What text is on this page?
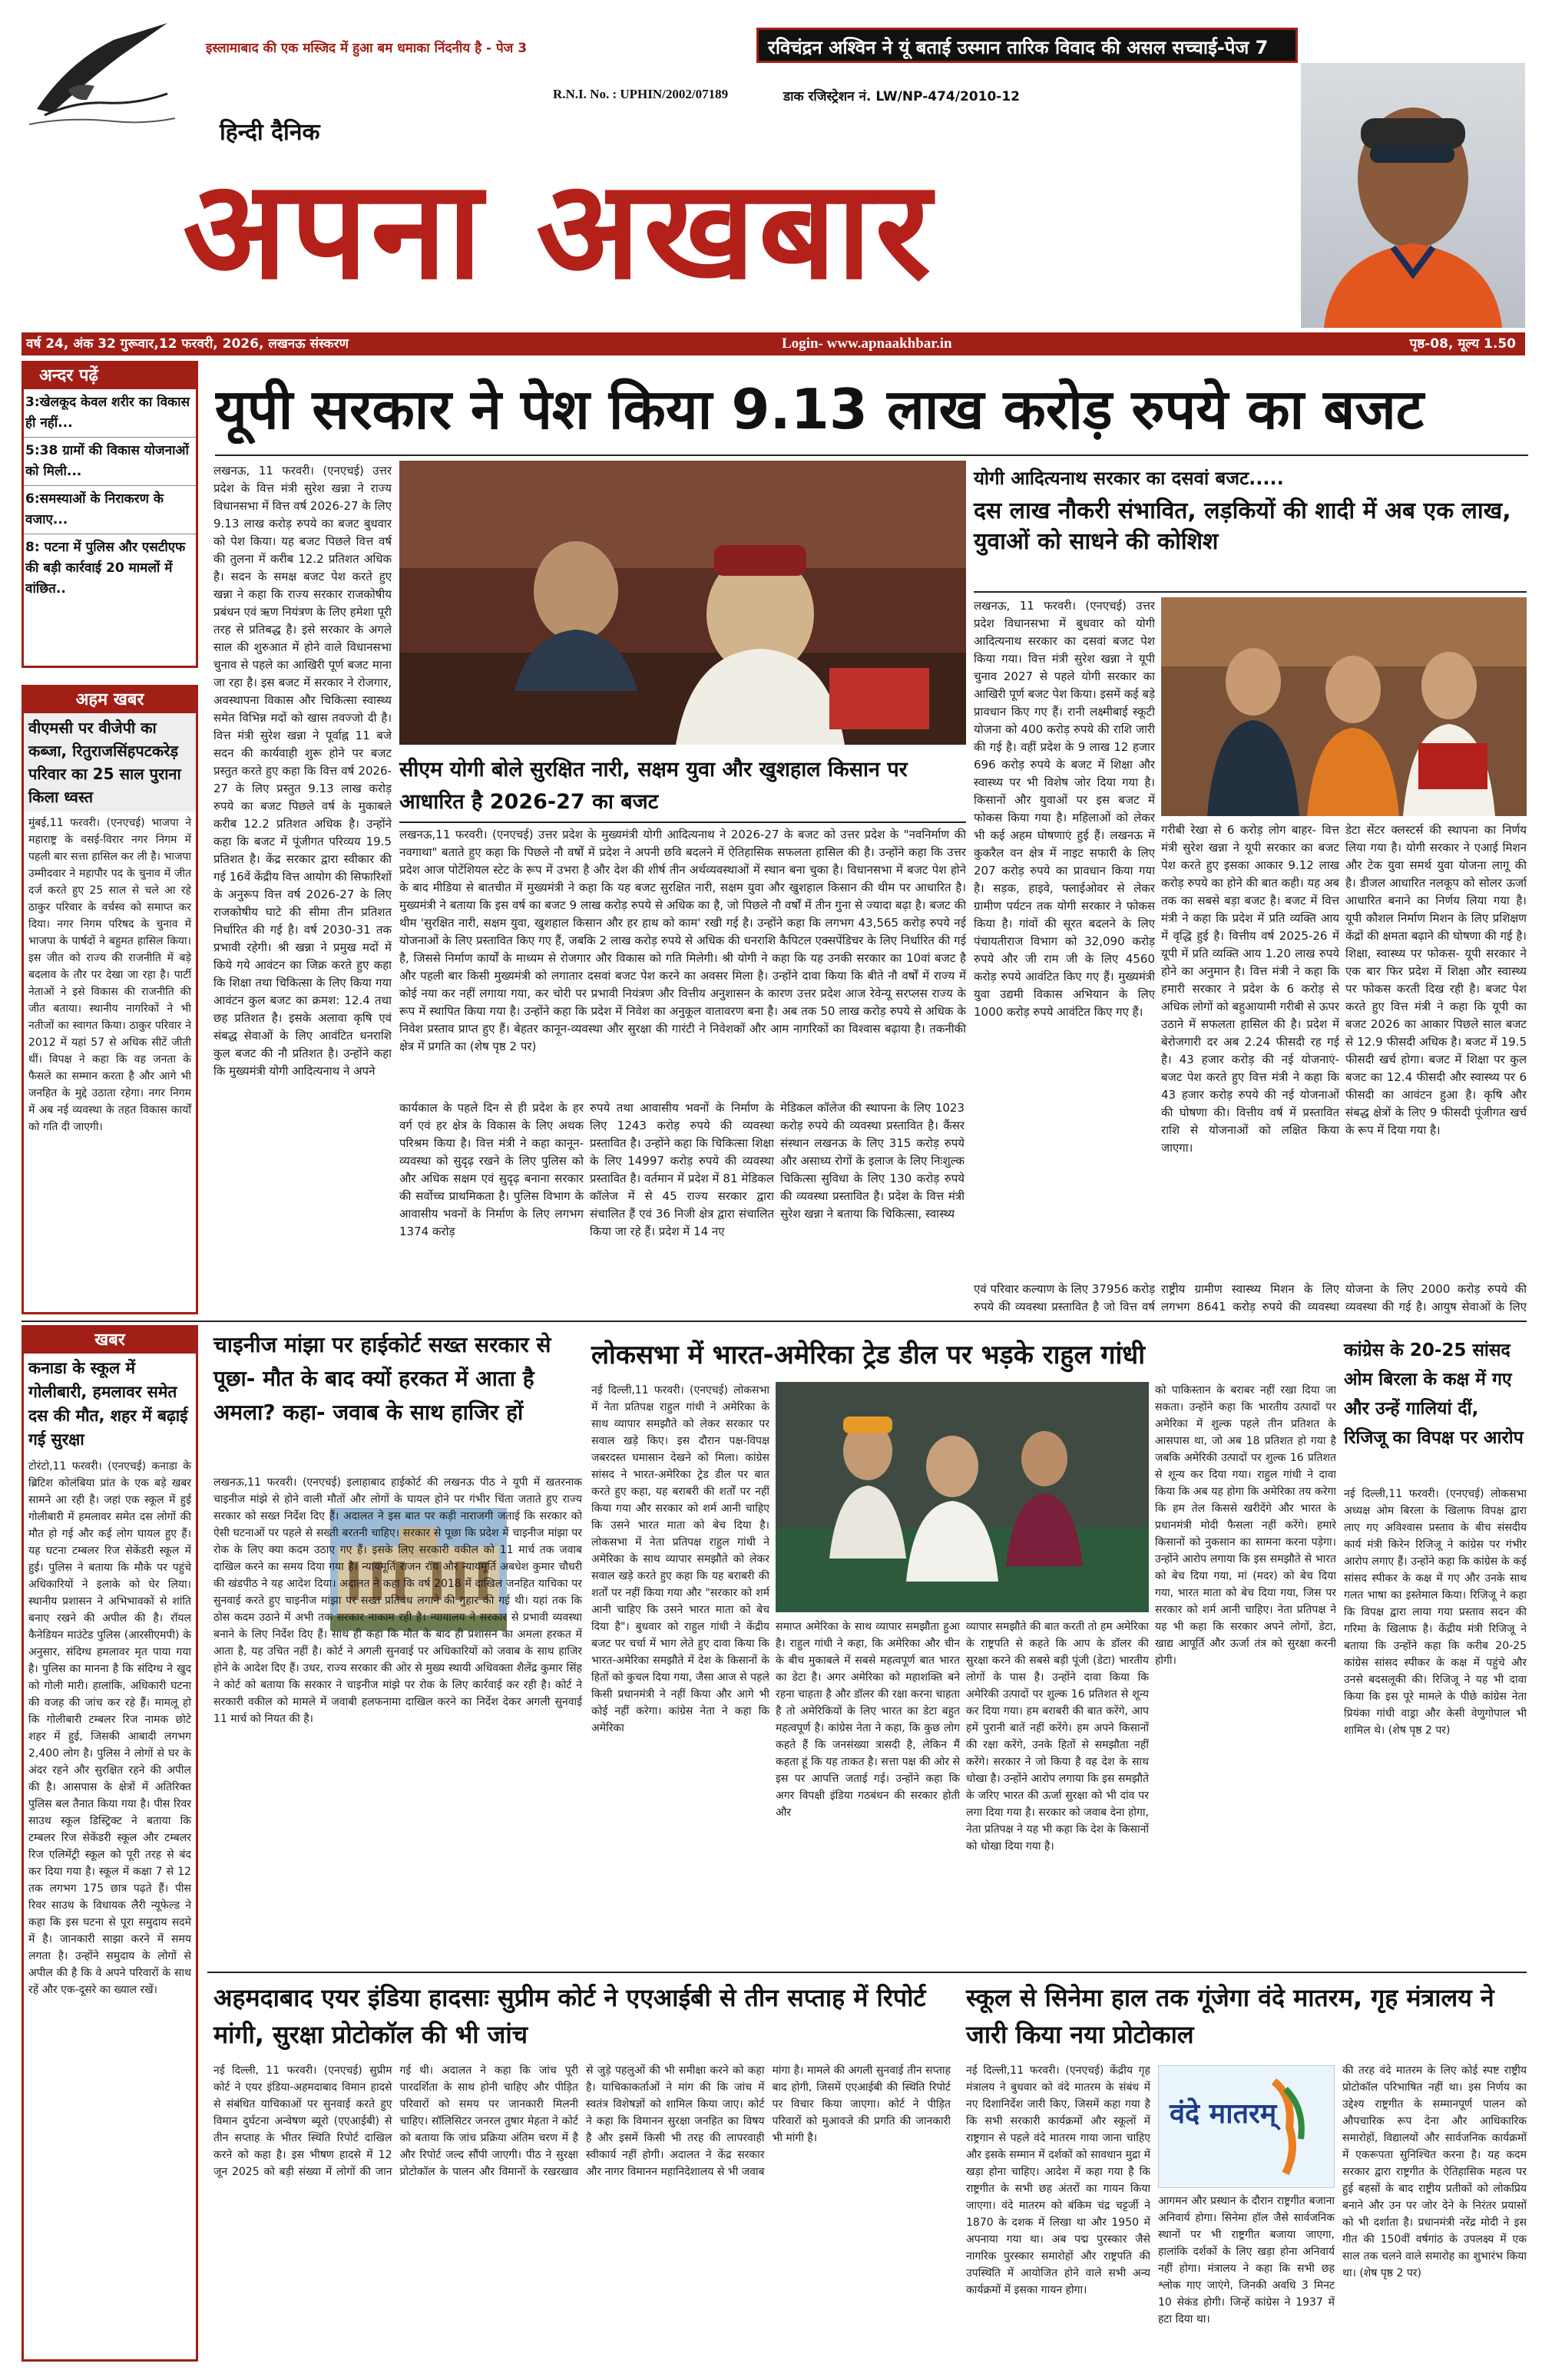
इस्लामाबाद की एक मस्जिद में हुआ बम धमाका निंदनीय है - पेज 3	रविचंद्रन अश्विन ने यूं बताई उस्मान तारिक विवाद की असल सच्चाई-पेज 7
R.N.I. No. : UPHIN/2002/07189	डाक रजिस्ट्रेशन नं. LW/NP-474/2010-12
हिन्दी दैनिक
अपना अखबार
वर्ष 24, अंक 32 गुरूवार,12 फरवरी, 2026, लखनऊ संस्करण	Login- www.apnaakhbar.in	पृष्ठ-08, मूल्य 1.50
अन्दर पढ़ें
3:खेलकूद केवल शरीर का विकास ही नहीं...
5:38 ग्रामों की विकास योजनाओं को मिली...
6:समस्याओं के निराकरण के वजाए...
8: पटना में पुलिस और एसटीएफ की बड़ी कार्रवाई 20 मामलों में वांछित..
अहम खबर
वीएमसी पर वीजेपी का कब्जा, रितुराजसिंहपटकरेड़ परिवार का 25 साल पुराना किला ध्वस्त
मुंबई,11 फरवरी। (एनएचई) भाजपा ने महाराष्ट्र के वसई-विरार नगर निगम में पहली बार सत्ता हासिल कर ली है। भाजपा उम्मीदवार ने महापौर पद के चुनाव में जीत दर्ज करते हुए 25 साल से चले आ रहे ठाकुर परिवार के वर्चस्व को समाप्त कर दिया। नगर निगम परिषद के चुनाव में भाजपा के पार्षदों ने बहुमत हासिल किया। इस जीत को राज्य की राजनीति में बड़े बदलाव के तौर पर देखा जा रहा है। पार्टी नेताओं ने इसे विकास की राजनीति की जीत बताया। स्थानीय नागरिकों ने भी नतीजों का स्वागत किया। ठाकुर परिवार ने 2012 में यहां 57 से अधिक सीटें जीती थीं। विपक्ष ने कहा कि वह जनता के फैसले का सम्मान करता है और आगे भी जनहित के मुद्दे उठाता रहेगा। नगर निगम में अब नई व्यवस्था के तहत विकास कार्यों को गति दी जाएगी।
यूपी सरकार ने पेश किया 9.13 लाख करोड़ रुपये का बजट
लखनऊ, 11 फरवरी। (एनएचई) उत्तर प्रदेश के वित्त मंत्री सुरेश खन्ना ने राज्य विधानसभा में वित्त वर्ष 2026-27 के लिए 9.13 लाख करोड़ रुपये का बजट बुधवार को पेश किया। यह बजट पिछले वित्त वर्ष की तुलना में करीब 12.2 प्रतिशत अधिक है। सदन के समक्ष बजट पेश करते हुए खन्ना ने कहा कि राज्य सरकार राजकोषीय प्रबंधन एवं ऋण नियंत्रण के लिए हमेशा पूरी तरह से प्रतिबद्ध है। इसे सरकार के अगले साल की शुरुआत में होने वाले विधानसभा चुनाव से पहले का आखिरी पूर्ण बजट माना जा रहा है। इस बजट में सरकार ने रोजगार, अवस्थापना विकास और चिकित्सा स्वास्थ्य समेत विभिन्न मदों को खास तवज्जो दी है। वित्त मंत्री सुरेश खन्ना ने पूर्वाह्न 11 बजे सदन की कार्यवाही शुरू होने पर बजट प्रस्तुत करते हुए कहा कि वित्त वर्ष 2026-27 के लिए प्रस्तुत 9.13 लाख करोड़ रुपये का बजट पिछले वर्ष के मुकाबले करीब 12.2 प्रतिशत अधिक है। उन्होंने कहा कि बजट में पूंजीगत परिव्यय 19.5 प्रतिशत है। केंद्र सरकार द्वारा स्वीकार की गई 16वें केंद्रीय वित्त आयोग की सिफारिशों के अनुरूप वित्त वर्ष 2026-27 के लिए राजकोषीय घाटे की सीमा तीन प्रतिशत निर्धारित की गई है। वर्ष 2030-31 तक प्रभावी रहेगी। श्री खन्ना ने प्रमुख मदों में किये गये आवंटन का जिक्र करते हुए कहा कि शिक्षा तथा चिकित्सा के लिए किया गया आवंटन कुल बजट का क्रमश: 12.4 तथा छह प्रतिशत है। इसके अलावा कृषि एवं संबद्ध सेवाओं के लिए आवंटित धनराशि कुल बजट की नौ प्रतिशत है। उन्होंने कहा कि मुख्यमंत्री योगी आदित्यनाथ ने अपने
सीएम योगी बोले सुरक्षित नारी, सक्षम युवा और खुशहाल किसान पर आधारित है 2026-27 का बजट
लखनऊ,11 फरवरी। (एनएचई) उत्तर प्रदेश के मुख्यमंत्री योगी आदित्यनाथ ने 2026-27 के बजट को उत्तर प्रदेश के "नवनिर्माण की नवगाथा" बताते हुए कहा कि पिछले नौ वर्षों में प्रदेश ने अपनी छवि बदलने में ऐतिहासिक सफलता हासिल की है। उन्होंने कहा कि उत्तर प्रदेश आज पोटेंशियल स्टेट के रूप में उभरा है और देश की शीर्ष तीन अर्थव्यवस्थाओं में स्थान बना चुका है। विधानसभा में बजट पेश होने के बाद मीडिया से बातचीत में मुख्यमंत्री ने कहा कि यह बजट सुरक्षित नारी, सक्षम युवा और खुशहाल किसान की थीम पर आधारित है। मुख्यमंत्री ने बताया कि इस वर्ष का बजट 9 लाख करोड़ रुपये से अधिक का है, जो पिछले नौ वर्षों में तीन गुना से ज्यादा बढ़ा है। बजट की थीम 'सुरक्षित नारी, सक्षम युवा, खुशहाल किसान और हर हाथ को काम' रखी गई है। उन्होंने कहा कि लगभग 43,565 करोड़ रुपये नई योजनाओं के लिए प्रस्तावित किए गए हैं, जबकि 2 लाख करोड़ रुपये से अधिक की धनराशि कैपिटल एक्सपेंडिचर के लिए निर्धारित की गई है, जिससे निर्माण कार्यों के माध्यम से रोजगार और विकास को गति मिलेगी। श्री योगी ने कहा कि यह उनकी सरकार का 10वां बजट है और पहली बार किसी मुख्यमंत्री को लगातार दसवां बजट पेश करने का अवसर मिला है। उन्होंने दावा किया कि बीते नौ वर्षों में राज्य में कोई नया कर नहीं लगाया गया, कर चोरी पर प्रभावी नियंत्रण और वित्तीय अनुशासन के कारण उत्तर प्रदेश आज रेवेन्यू सरप्लस राज्य के रूप में स्थापित किया गया है। उन्होंने कहा कि प्रदेश में निवेश का अनुकूल वातावरण बना है। अब तक 50 लाख करोड़ रुपये से अधिक के निवेश प्रस्ताव प्राप्त हुए हैं। बेहतर कानून-व्यवस्था और सुरक्षा की गारंटी ने निवेशकों और आम नागरिकों का विश्वास बढ़ाया है। तकनीकी क्षेत्र में प्रगति का (शेष पृष्ठ 2 पर)
कार्यकाल के पहले दिन से ही प्रदेश के हर वर्ग एवं हर क्षेत्र के विकास के लिए अथक परिश्रम किया है। वित्त मंत्री ने कहा कानून-व्यवस्था को सुदृढ़ रखने के लिए पुलिस को और अधिक सक्षम एवं सुदृढ़ बनाना सरकार की सर्वोच्च प्राथमिकता है। पुलिस विभाग के आवासीय भवनों के निर्माण के लिए लगभग 1374 करोड़
रुपये तथा आवासीय भवनों के निर्माण के लिए 1243 करोड़ रुपये की व्यवस्था प्रस्तावित है। उन्होंने कहा कि चिकित्सा शिक्षा के लिए 14997 करोड़ रुपये की व्यवस्था प्रस्तावित है। वर्तमान में प्रदेश में 81 मेडिकल कॉलेज में से 45 राज्य सरकार द्वारा संचालित हैं एवं 36 निजी क्षेत्र द्वारा संचालित किया जा रहे हैं। प्रदेश में 14 नए
मेडिकल कॉलेज की स्थापना के लिए 1023 करोड़ रुपये की व्यवस्था प्रस्तावित है। कैंसर संस्थान लखनऊ के लिए 315 करोड़ रुपये और असाध्य रोगों के इलाज के लिए निःशुल्क चिकित्सा सुविधा के लिए 130 करोड़ रुपये की व्यवस्था प्रस्तावित है। प्रदेश के वित्त मंत्री सुरेश खन्ना ने बताया कि चिकित्सा, स्वास्थ्य
योगी आदित्यनाथ सरकार का दसवां बजट.....
दस लाख नौकरी संभावित, लड़कियों की शादी में अब एक लाख, युवाओं को साधने की कोशिश
लखनऊ, 11 फरवरी। (एनएचई) उत्तर प्रदेश विधानसभा में बुधवार को योगी आदित्यनाथ सरकार का दसवां बजट पेश किया गया। वित्त मंत्री सुरेश खन्ना ने यूपी चुनाव 2027 से पहले योगी सरकार का आखिरी पूर्ण बजट पेश किया। इसमें कई बड़े प्रावधान किए गए हैं। रानी लक्ष्मीबाई स्कूटी योजना को 400 करोड़ रुपये की राशि जारी की गई है। वहीं प्रदेश के 9 लाख 12 हजार 696 करोड़ रुपये के बजट में शिक्षा और स्वास्थ्य पर भी विशेष जोर दिया गया है। किसानों और युवाओं पर इस बजट में फोकस किया गया है। महिलाओं को लेकर भी कई अहम घोषणाएं हुई हैं। लखनऊ में कुकरैल वन क्षेत्र में नाइट सफारी के लिए 207 करोड़ रुपये का प्रावधान किया गया है। सड़क, हाइवे, फ्लाईओवर से लेकर ग्रामीण पर्यटन तक योगी सरकार ने फोकस किया है। गांवों की सूरत बदलने के लिए पंचायतीराज विभाग को 32,090 करोड़ रुपये और जी राम जी के लिए 4560 करोड़ रुपये आवंटित किए गए हैं। मुख्यमंत्री युवा उद्यमी विकास अभियान के लिए 1000 करोड़ रुपये आवंटित किए गए हैं।
गरीबी रेखा से 6 करोड़ लोग बाहर- वित्त मंत्री सुरेश खन्ना ने यूपी सरकार का बजट पेश करते हुए इसका आकार 9.12 लाख करोड़ रुपये का होने की बात कही। यह अब तक का सबसे बड़ा बजट है। बजट में वित्त मंत्री ने कहा कि प्रदेश में प्रति व्यक्ति आय में वृद्धि हुई है। वित्तीय वर्ष 2025-26 में यूपी में प्रति व्यक्ति आय 1.20 लाख रुपये होने का अनुमान है। वित्त मंत्री ने कहा कि हमारी सरकार ने प्रदेश के 6 करोड़ से अधिक लोगों को बहुआयामी गरीबी से ऊपर उठाने में सफलता हासिल की है। प्रदेश में बेरोजगारी दर अब 2.24 फीसदी रह गई है। 43 हजार करोड़ की नई योजनाएं- बजट पेश करते हुए वित्त मंत्री ने कहा कि 43 हजार करोड़ रुपये की नई योजनाओं की घोषणा की। वित्तीय वर्ष में प्रस्तावित राशि से योजनाओं को लक्षित किया जाएगा।
डेटा सेंटर क्लस्टर्स की स्थापना का निर्णय लिया गया है। योगी सरकार ने एआई मिशन और टेक युवा समर्थ युवा योजना लागू की है। डीजल आधारित नलकूप को सोलर ऊर्जा आधारित बनाने का निर्णय लिया गया है। यूपी कौशल निर्माण मिशन के लिए प्रशिक्षण केंद्रों की क्षमता बढ़ाने की घोषणा की गई है। शिक्षा, स्वास्थ्य पर फोकस- यूपी सरकार ने एक बार फिर प्रदेश में शिक्षा और स्वास्थ्य पर फोकस करती दिख रही है। बजट पेश करते हुए वित्त मंत्री ने कहा कि यूपी का बजट 2026 का आकार पिछले साल बजट से 12.9 फीसदी अधिक है। बजट में 19.5 फीसदी खर्च होगा। बजट में शिक्षा पर कुल बजट का 12.4 फीसदी और स्वास्थ्य पर 6 फीसदी का आवंटन हुआ है। कृषि और संबद्ध क्षेत्रों के लिए 9 फीसदी पूंजीगत खर्च के रूप में दिया गया है।
एवं परिवार कल्याण के लिए 37956 करोड़ रुपये की व्यवस्था प्रस्तावित है जो वित्त वर्ष
राष्ट्रीय ग्रामीण स्वास्थ्य मिशन के लिए लगभग 8641 करोड़ रुपये की व्यवस्था
योजना के लिए 2000 करोड़ रुपये की व्यवस्था की गई है। आयुष सेवाओं के लिए
खबर
कनाडा के स्कूल में गोलीबारी, हमलावर समेत दस की मौत, शहर में बढ़ाई गई सुरक्षा
टोरंटो,11 फरवरी। (एनएचई) कनाडा के ब्रिटिश कोलंबिया प्रांत के एक बड़े खबर सामने आ रही है। जहां एक स्कूल में हुई गोलीबारी में हमलावर समेत दस लोगों की मौत हो गई और कई लोग घायल हुए हैं। यह घटना टम्बलर रिज सेकेंडरी स्कूल में हुई। पुलिस ने बताया कि मौके पर पहुंचे अधिकारियों ने इलाके को घेर लिया। स्थानीय प्रशासन ने अभिभावकों से शांति बनाए रखने की अपील की है। रॉयल कैनेडियन माउंटेड पुलिस (आरसीएमपी) के अनुसार, संदिग्ध हमलावर मृत पाया गया है। पुलिस का मानना है कि संदिग्ध ने खुद को गोली मारी। हालांकि, अधिकारी घटना की वजह की जांच कर रहे हैं। मामलू हो कि गोलीबारी टम्बलर रिज नामक छोटे शहर में हुई, जिसकी आबादी लगभग 2,400 लोग है। पुलिस ने लोगों से घर के अंदर रहने और सुरक्षित रहने की अपील की है। आसपास के क्षेत्रों में अतिरिक्त पुलिस बल तैनात किया गया है। पीस रिवर साउथ स्कूल डिस्ट्रिक्ट ने बताया कि टम्बलर रिज सेकेंडरी स्कूल और टम्बलर रिज एलिमेंट्री स्कूल को पूरी तरह से बंद कर दिया गया है। स्कूल में कक्षा 7 से 12 तक लगभग 175 छात्र पढ़ते हैं। पीस रिवर साउथ के विधायक लैरी न्यूफेल्ड ने कहा कि इस घटना से पूरा समुदाय सदमे में है। जानकारी साझा करने में समय लगता है। उन्होंने समुदाय के लोगों से अपील की है कि वे अपने परिवारों के साथ रहें और एक-दूसरे का ख्याल रखें।
चाइनीज मांझा पर हाईकोर्ट सख्त सरकार से पूछा- मौत के बाद क्यों हरकत में आता है अमला? कहा- जवाब के साथ हाजिर हों
लखनऊ,11 फरवरी। (एनएचई) इलाहाबाद हाईकोर्ट की लखनऊ पीठ ने यूपी में खतरनाक चाइनीज मांझे से होने वाली मौतों और लोगों के घायल होने पर गंभीर चिंता जताते हुए राज्य सरकार को सख्त निर्देश दिए हैं। अदालत ने इस बात पर कड़ी नाराजगी जताई कि सरकार को ऐसी घटनाओं पर पहले से सख्ती बरतनी चाहिए। सरकार से पूछा कि प्रदेश में चाइनीज मांझा पर रोक के लिए क्या कदम उठाए गए हैं। इसके लिए सरकारी वकील को 11 मार्च तक जवाब दाखिल करने का समय दिया गया है। न्यायमूर्ति राजन रॉय और न्यायमूर्ति अबधेश कुमार चौधरी की खंडपीठ ने यह आदेश दिया। अदालत ने कहा कि वर्ष 2018 में दाखिल जनहित याचिका पर सुनवाई करते हुए चाइनीज मांझा पर सख्त प्रतिबंध लगाने की गुहार की गई थी। यहां तक कि ठोस कदम उठाने में अभी तक सरकार नाकाम रही है। न्यायालय ने सरकार से प्रभावी व्यवस्था बनाने के लिए निर्देश दिए हैं। साथ ही कहा कि मौत के बाद ही प्रशासन का अमला हरकत में आता है, यह उचित नहीं है। कोर्ट ने अगली सुनवाई पर अधिकारियों को जवाब के साथ हाजिर होने के आदेश दिए हैं। उधर, राज्य सरकार की ओर से मुख्य स्थायी अधिवक्ता शैलेंद्र कुमार सिंह ने कोर्ट को बताया कि सरकार ने चाइनीज मांझे पर रोक के लिए कार्रवाई कर रही है। कोर्ट ने सरकारी वकील को मामले में जवाबी हलफनामा दाखिल करने का निर्देश देकर अगली सुनवाई 11 मार्च को नियत की है।
लोकसभा में भारत-अमेरिका ट्रेड डील पर भड़के राहुल गांधी
नई दिल्ली,11 फरवरी। (एनएचई) लोकसभा में नेता प्रतिपक्ष राहुल गांधी ने अमेरिका के साथ व्यापार समझौते को लेकर सरकार पर सवाल खड़े किए। इस दौरान पक्ष-विपक्ष जबरदस्त घमासान देखने को मिला। कांग्रेस सांसद ने भारत-अमेरिका ट्रेड डील पर बात करते हुए कहा, यह बराबरी की शर्तों पर नहीं किया गया और सरकार को शर्म आनी चाहिए कि उसने भारत माता को बेच दिया है। लोकसभा में नेता प्रतिपक्ष राहुल गांधी ने अमेरिका के साथ व्यापार समझौते को लेकर सवाल खड़े करते हुए कहा कि यह बराबरी की शर्तों पर नहीं किया गया और "सरकार को शर्म आनी चाहिए कि उसने भारत माता को बेच दिया है"। बुधवार को राहुल गांधी ने केंद्रीय बजट पर चर्चा में भाग लेते हुए दावा किया कि भारत-अमेरिका समझौते में देश के किसानों के हितों को कुचल दिया गया, जैसा आज से पहले किसी प्रधानमंत्री ने नहीं किया और आगे भी कोई नहीं करेगा। कांग्रेस नेता ने कहा कि अमेरिका
समाप्त अमेरिका के साथ व्यापार समझौता हुआ है। राहुल गांधी ने कहा, कि अमेरिका और चीन के बीच मुकाबले में सबसे महत्वपूर्ण बात भारत का डेटा है। अगर अमेरिका को महाशक्ति बने रहना चाहता है और डॉलर की रक्षा करना चाहता है तो अमेरिकियों के लिए भारत का डेटा बहुत महत्वपूर्ण है। कांग्रेस नेता ने कहा, कि कुछ लोग कहते हैं कि जनसंख्या त्रासदी है, लेकिन मैं कहता हूं कि यह ताकत है। सत्ता पक्ष की ओर से इस पर आपत्ति जताई गई। उन्होंने कहा कि अगर विपक्षी इंडिया गठबंधन की सरकार होती और
व्यापार समझौते की बात करती तो हम अमेरिका के राष्ट्रपति से कहते कि आप के डॉलर की सुरक्षा करने की सबसे बड़ी पूंजी (डेटा) भारतीय लोगों के पास है। उन्होंने दावा किया कि अमेरिकी उत्पादों पर शुल्क 16 प्रतिशत से शून्य कर दिया गया। हम बराबरी की बात करेंगे, आप हमें पुरानी बातें नहीं करेंगे। हम अपने किसानों की रक्षा करेंगे, उनके हितों से समझौता नहीं करेंगे। सरकार ने जो किया है वह देश के साथ धोखा है। उन्होंने आरोप लगाया कि इस समझौते के जरिए भारत की ऊर्जा सुरक्षा को भी दांव पर लगा दिया गया है। सरकार को जवाब देना होगा, नेता प्रतिपक्ष ने यह भी कहा कि देश के किसानों को धोखा दिया गया है।
को पाकिस्तान के बराबर नहीं रखा दिया जा सकता। उन्होंने कहा कि भारतीय उत्पादों पर अमेरिका में शुल्क पहले तीन प्रतिशत के आसपास था, जो अब 18 प्रतिशत हो गया है जबकि अमेरिकी उत्पादों पर शुल्क 16 प्रतिशत से शून्य कर दिया गया। राहुल गांधी ने दावा किया कि अब यह होगा कि अमेरिका तय करेगा कि हम तेल किससे खरीदेंगे और भारत के प्रधानमंत्री मोदी फैसला नहीं करेंगे। हमारे किसानों को नुकसान का सामना करना पड़ेगा। उन्होंने आरोप लगाया कि इस समझौते से भारत को बेच दिया गया, मां (मदर) को बेच दिया गया, भारत माता को बेच दिया गया, जिस पर सरकार को शर्म आनी चाहिए। नेता प्रतिपक्ष ने यह भी कहा कि सरकार अपने लोगों, डेटा, खाद्य आपूर्ति और ऊर्जा तंत्र को सुरक्षा करनी होगी।
कांग्रेस के 20-25 सांसद ओम बिरला के कक्ष में गए और उन्हें गालियां दीं, रिजिजू का विपक्ष पर आरोप
नई दिल्ली,11 फरवरी। (एनएचई) लोकसभा अध्यक्ष ओम बिरला के खिलाफ विपक्ष द्वारा लाए गए अविश्वास प्रस्ताव के बीच संसदीय कार्य मंत्री किरेन रिजिजू ने कांग्रेस पर गंभीर आरोप लगाए हैं। उन्होंने कहा कि कांग्रेस के कई सांसद स्पीकर के कक्ष में गए और उनके साथ गलत भाषा का इस्तेमाल किया। रिजिजू ने कहा कि विपक्ष द्वारा लाया गया प्रस्ताव सदन की गरिमा के खिलाफ है। केंद्रीय मंत्री रिजिजू ने बताया कि उन्होंने कहा कि करीब 20-25 कांग्रेस सांसद स्पीकर के कक्ष में पहुंचे और उनसे बदसलूकी की। रिजिजू ने यह भी दावा किया कि इस पूरे मामले के पीछे कांग्रेस नेता प्रियंका गांधी वाड्रा और केसी वेणुगोपाल भी शामिल थे। (शेष पृष्ठ 2 पर)
अहमदाबाद एयर इंडिया हादसाः सुप्रीम कोर्ट ने एएआईबी से तीन सप्ताह में रिपोर्ट मांगी, सुरक्षा प्रोटोकॉल की भी जांच
नई दिल्ली, 11 फरवरी। (एनएचई) सुप्रीम कोर्ट ने एयर इंडिया-अहमदाबाद विमान हादसे से संबंधित याचिकाओं पर सुनवाई करते हुए विमान दुर्घटना अन्वेषण ब्यूरो (एएआईबी) से तीन सप्ताह के भीतर स्थिति रिपोर्ट दाखिल करने को कहा है। इस भीषण हादसे में 12 जून 2025 को बड़ी संख्या में लोगों की जान गई थी। अदालत ने कहा कि जांच पूरी पारदर्शिता के साथ होनी चाहिए और पीड़ित परिवारों को समय पर जानकारी मिलनी चाहिए। सॉलिसिटर जनरल तुषार मेहता ने कोर्ट को बताया कि जांच प्रक्रिया अंतिम चरण में है और रिपोर्ट जल्द सौंपी जाएगी। पीठ ने सुरक्षा प्रोटोकॉल के पालन और विमानों के रखरखाव से जुड़े पहलुओं की भी समीक्षा करने को कहा है। याचिकाकर्ताओं ने मांग की कि जांच में स्वतंत्र विशेषज्ञों को शामिल किया जाए। कोर्ट ने कहा कि विमानन सुरक्षा जनहित का विषय है और इसमें किसी भी तरह की लापरवाही स्वीकार्य नहीं होगी। अदालत ने केंद्र सरकार और नागर विमानन महानिदेशालय से भी जवाब मांगा है। मामले की अगली सुनवाई तीन सप्ताह बाद होगी, जिसमें एएआईबी की स्थिति रिपोर्ट पर विचार किया जाएगा। कोर्ट ने पीड़ित परिवारों को मुआवजे की प्रगति की जानकारी भी मांगी है।
स्कूल से सिनेमा हाल तक गूंजेगा वंदे मातरम, गृह मंत्रालय ने जारी किया नया प्रोटोकाल
नई दिल्ली,11 फरवरी। (एनएचई) केंद्रीय गृह मंत्रालय ने बुधवार को वंदे मातरम के संबंध में नए दिशानिर्देश जारी किए, जिसमें कहा गया है कि सभी सरकारी कार्यक्रमों और स्कूलों में राष्ट्रगान से पहले वंदे मातरम गाया जाना चाहिए और इसके सम्मान में दर्शकों को सावधान मुद्रा में खड़ा होना चाहिए। आदेश में कहा गया है कि राष्ट्रगीत के सभी छह अंतरों का गायन किया जाएगा। वंदे मातरम को बंकिम चंद्र चट्टर्जी ने 1870 के दशक में लिखा था और 1950 में अपनाया गया था। अब पद्म पुरस्कार जैसे नागरिक पुरस्कार समारोहों और राष्ट्रपति की उपस्थिति में आयोजित होने वाले सभी अन्य कार्यक्रमों में इसका गायन होगा।
वंदे मातरम्
आगमन और प्रस्थान के दौरान राष्ट्रगीत बजाना अनिवार्य होगा। सिनेमा हॉल जैसे सार्वजनिक स्थानों पर भी राष्ट्रगीत बजाया जाएगा, हालांकि दर्शकों के लिए खड़ा होना अनिवार्य नहीं होगा। मंत्रालय ने कहा कि सभी छह श्लोक गाए जाएंगे, जिनकी अवधि 3 मिनट 10 सेकंड होगी। जिन्हें कांग्रेस ने 1937 में हटा दिया था।
की तरह वंदे मातरम के लिए कोई स्पष्ट राष्ट्रीय प्रोटोकॉल परिभाषित नहीं था। इस निर्णय का उद्देश्य राष्ट्रगीत के सम्मानपूर्ण पालन को औपचारिक रूप देना और आधिकारिक समारोहों, विद्यालयों और सार्वजनिक कार्यक्रमों में एकरूपता सुनिश्चित करना है। यह कदम सरकार द्वारा राष्ट्रगीत के ऐतिहासिक महत्व पर हुई बहसों के बाद राष्ट्रीय प्रतीकों को लोकप्रिय बनाने और उन पर जोर देने के निरंतर प्रयासों को भी दर्शाता है। प्रधानमंत्री नरेंद्र मोदी ने इस गीत की 150वीं वर्षगांठ के उपलक्ष्य में एक साल तक चलने वाले समारोह का शुभारंभ किया था। (शेष पृष्ठ 2 पर)
